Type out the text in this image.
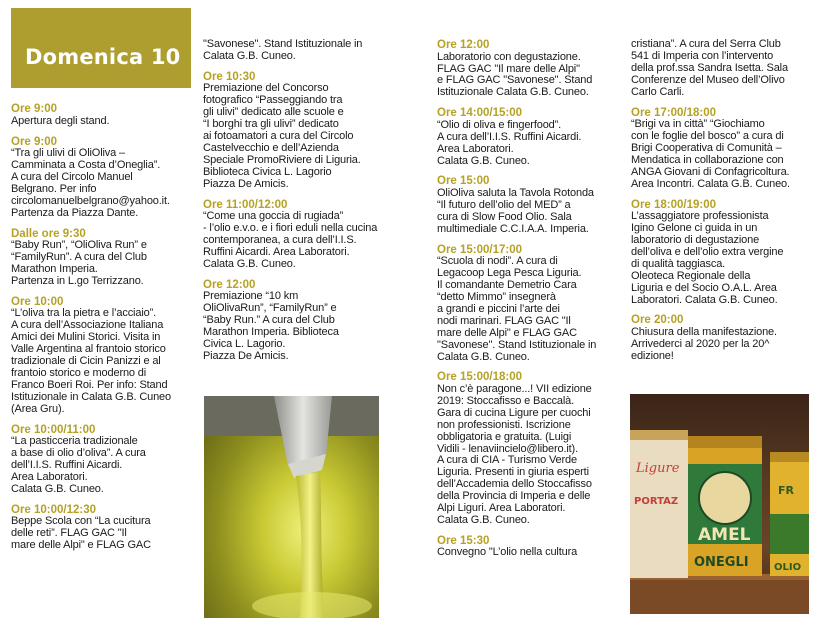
Domenica 10
Ore 9:00
Apertura degli stand.
Ore 9:00
“Tra gli ulivi di OliOliva –
Camminata a Costa d’Oneglia”.
A cura del Circolo Manuel
Belgrano. Per info
circolomanuelbelgrano@yahoo.it.
Partenza da Piazza Dante.
Dalle ore 9:30
“Baby Run”, “OliOliva Run” e
“FamilyRun”. A cura del Club
Marathon Imperia.
Partenza in L.go Terrizzano.
Ore 10:00
“L’oliva tra la pietra e l’acciaio”.
A cura dell’Associazione Italiana
Amici dei Mulini Storici. Visita in
Valle Argentina al frantoio storico
tradizionale di Cicin Panizzi e al
frantoio storico e moderno di
Franco Boeri Roi. Per info: Stand
Istituzionale in Calata G.B. Cuneo
(Area Gru).
Ore 10:00/11:00
“La pasticceria tradizionale
a base di olio d’oliva”. A cura
dell’I.I.S. Ruffini Aicardi.
Area Laboratori.
Calata G.B. Cuneo.
Ore 10:00/12:30
Beppe Scola con “La cucitura
delle reti”. FLAG GAC "Il
mare delle Alpi" e FLAG GAC
"Savonese". Stand Istituzionale in
Calata G.B. Cuneo.
Ore 10:30
Premiazione del Concorso
fotografico “Passeggiando tra
gli ulivi” dedicato alle scuole e
“I borghi tra gli ulivi” dedicato
ai fotoamatori a cura del Circolo
Castelvecchio e dell’Azienda
Speciale PromoRiviere di Liguria.
Biblioteca Civica L. Lagorio
Piazza De Amicis.
Ore 11:00/12:00
“Come una goccia di rugiada”
- l’olio e.v.o. e i fiori eduli nella cucina
contemporanea, a cura dell’I.I.S.
Ruffini Aicardi. Area Laboratori.
Calata G.B. Cuneo.
Ore 12:00
Premiazione “10 km
OliOlivaRun”, “FamilyRun” e
“Baby Run.” A cura del Club
Marathon Imperia. Biblioteca
Civica L. Lagorio.
Piazza De Amicis.
Ore 12:00
Laboratorio con degustazione.
FLAG GAC "Il mare delle Alpi"
e FLAG GAC "Savonese". Stand
Istituzionale Calata G.B. Cuneo.
Ore 14:00/15:00
“Olio di oliva e fingerfood”.
A cura dell’I.I.S. Ruffini Aicardi.
Area Laboratori.
Calata G.B. Cuneo.
Ore 15:00
OliOliva saluta la Tavola Rotonda
“Il futuro dell’olio del MED” a
cura di Slow Food Olio. Sala
multimediale C.C.I.A.A. Imperia.
Ore 15:00/17:00
“Scuola di nodi”. A cura di
Legacoop Lega Pesca Liguria.
Il comandante Demetrio Cara
“detto Mimmo” insegnerà
a grandi e piccini l’arte dei
nodi marinari. FLAG GAC "Il
mare delle Alpi" e FLAG GAC
"Savonese". Stand Istituzionale in
Calata G.B. Cuneo.
Ore 15:00/18:00
Non c’è paragone...! VII edizione
2019: Stoccafisso e Baccalà.
Gara di cucina Ligure per cuochi
non professionisti. Iscrizione
obbligatoria e gratuita. (Luigi
Vidili - lenaviincielo@libero.it).
A cura di CIA - Turismo Verde
Liguria. Presenti in giuria esperti
dell’Accademia dello Stoccafisso
della Provincia di Imperia e delle
Alpi Liguri. Area Laboratori.
Calata G.B. Cuneo.
Ore 15:30
Convegno "L’olio nella cultura
cristiana”. A cura del Serra Club
541 di Imperia con l’intervento
della prof.ssa Sandra Isetta. Sala
Conferenze del Museo dell’Olivo
Carlo Carli.
Ore 17:00/18:00
“Brigi va in città” “Giochiamo
con le foglie del bosco” a cura di
Brigi Cooperativa di Comunità –
Mendatica in collaborazione con
ANGA Giovani di Confagricoltura.
Area Incontri. Calata G.B. Cuneo.
Ore 18:00/19:00
L’assaggiatore professionista
Igino Gelone ci guida in un
laboratorio di degustazione
dell’oliva e dell’olio extra vergine
di qualità taggiasca.
Oleoteca Regionale della
Liguria e del Socio O.A.L. Area
Laboratori. Calata G.B. Cuneo.
Ore 20:00
Chiusura della manifestazione.
Arrivederci al 2020 per la 20^
edizione!
Ligure
PORTAZ
AMEL
ONEGLI
FR
OLIO
